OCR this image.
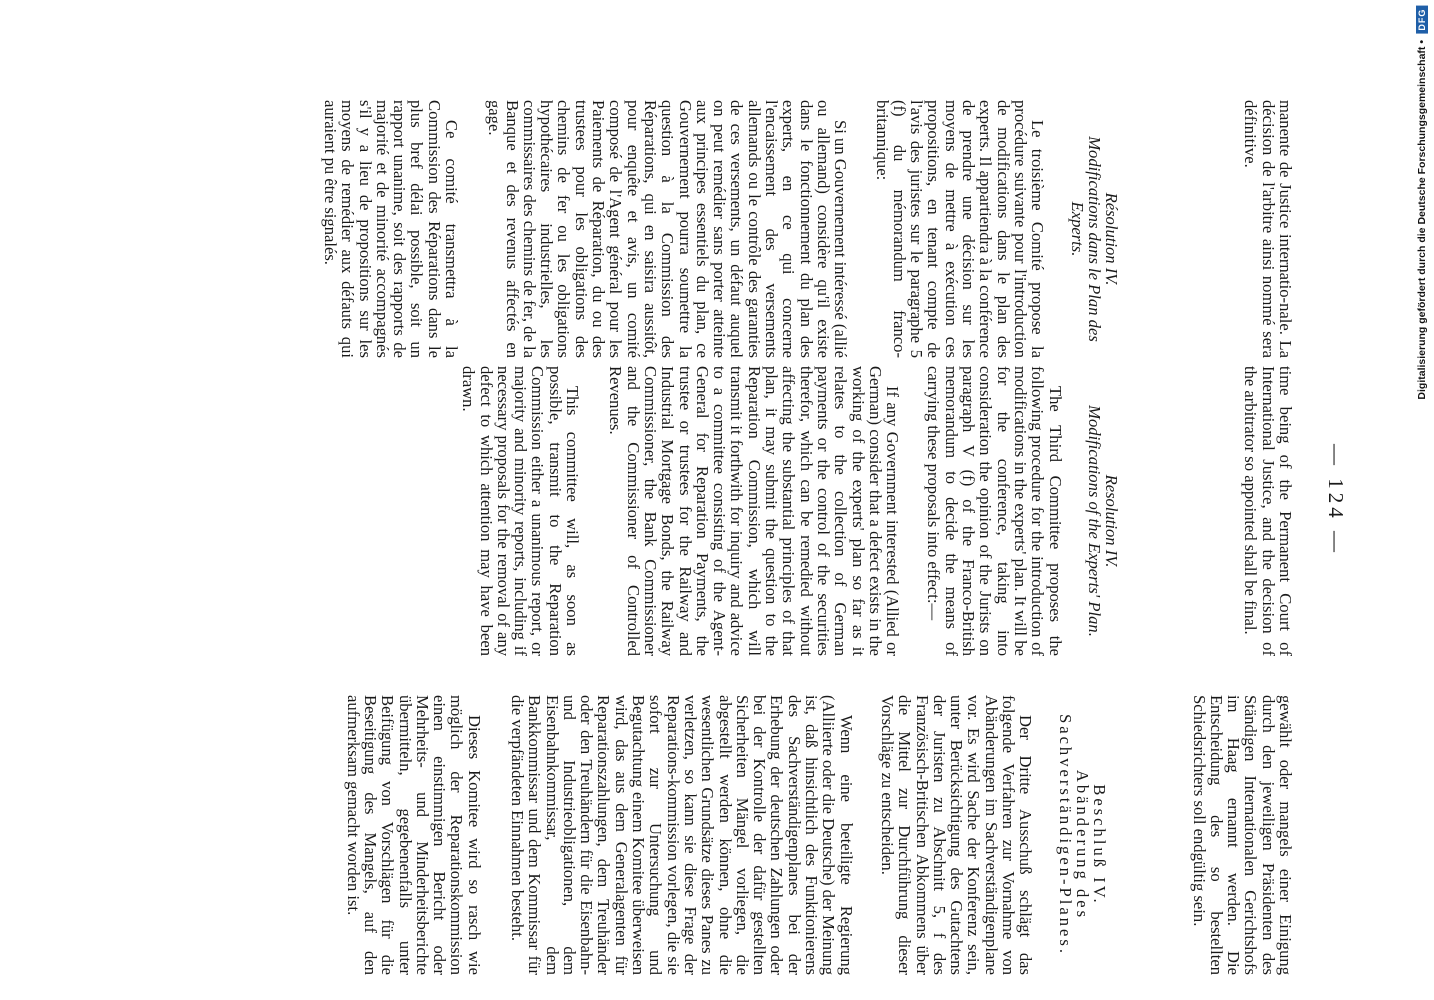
— 124 —

manente de Justice internatio-nale. La décision de l'arbitre ainsi nommé sera définitive.

Résolution IV.

Modifications dans le Plan des Experts.

Le troisième Comité propose la procédure suivante pour l'introduction de modifications dans le plan des experts. Il appartiendra à la conférence de prendre une décision sur les moyens de mettre à exécution ces propositions, en tenant compte de l'avis des juristes sur le paragraphe 5 (f) du mémorandum franco-britannique:

Si un Gouvernement intéressé (allié ou allemand) considère qu'il existe dans le fonctionnement du plan des experts, en ce qui concerne l'encaissement des versements allemands ou le contrôle des garanties de ces versements, un défaut auquel on peut remédier sans porter atteinte aux principes essentiels du plan, ce Gouvernement pourra soumettre la question à la Commission des Réparations, qui en saisira aussitôt, pour enquête et avis, un comité composé de l'Agent général pour les Paiements de Réparation, du ou des trustees pour les obligations des chemins de fer ou les obligations hypothécaires industrielles, les commissaires des chemins de fer, de la Banque et des revenus affectés en gage.

Ce comité transmettra à la Commission des Réparations dans le plus bref délai possible, soit un rapport unanime, soit des rapports de majorité et de minorité accompagnés s'il y a lieu de propositions sur les moyens de remédier aux défauts qui auraient pu être signalés.

time being of the Permanent Court of International Justice, and the decision of the arbitrator so appointed shall be final.

Resolution IV.

Modifications of the Experts' Plan.

The Third Committee proposes the following procedure for the introduction of modifications in the experts' plan. It will be for the conference, taking into consideration the opinion of the Jurists on paragraph V (f) of the Franco-British memorandum to decide the means of carrying these proposals into effect:—

If any Government interested (Allied or German) consider that a defect exists in the working of the experts' plan so far as it relates to the collection of German payments or the control of the securities therefor, which can be remedied without affecting the substantial principles of that plan, it may submit the question to the Reparation Commission, which will transmit it forthwith for inquiry and advice to a committee consisting of the Agent-General for Reparation Payments, the trustee or trustees for the Railway and Industrial Mortgage Bonds, the Railway Commissioner, the Bank Commissioner and the Commissioner of Controlled Revenues.

This committee will, as soon as possible, transmit to the Reparation Commission either a unanimous report, or majority and minority reports, including if necessary proposals for the removal of any defect to which attention may have been drawn.

gewählt oder mangels einer Einigung durch den jeweiligen Präsidenten des Ständigen Internationalen Gerichtshofs im Haag ernannt werden. Die Entscheidung des so bestellten Schiedsrichters soll endgültig sein.

Beschluß IV.

Abänderung des Sachverständigen-Planes.

Der Dritte Ausschuß schlägt das folgende Verfahren zur Vornahme von Abänderungen im Sachverständigenplane vor. Es wird Sache der Konferenz sein, unter Berücksichtigung des Gutachtens der Juristen zu Abschnitt 5, f des Französisch-Britischen Abkommens über die Mittel zur Durchführung dieser Vorschläge zu entscheiden.

Wenn eine beteiligte Regierung (Alliierte oder die Deutsche) der Meinung ist, daß hinsichtlich des Funktionierens des Sachverständigenplanes bei der Erhebung der deutschen Zahlungen oder bei der Kontrolle der dafür gestellten Sicherheiten Mängel vorliegen, die abgestellt werden können, ohne die wesentlichen Grundsätze dieses Panes zu verletzen, so kann sie diese Frage der Reparations-kommission vorlegen, die sie sofort zur Untersuchung und Begutachtung einem Komitee überweisen wird, das aus dem Generalagenten für Reparationszahlungen, dem Treuhänder oder den Treuhändern für die Eisenbahn- und Industrieobligationen, dem Eisenbahnkommissar, dem Bankkommissar und dem Kommissar für die verpfändeten Einnahmen besteht.

Dieses Komitee wird so rasch wie möglich der Reparationskommission einen einstimmigen Bericht oder Mehrheits- und Minderheitsberichte übermitteln, gegebenenfalls unter Beifügung von Vorschlägen für die Beseitigung des Mangels, auf den aufmerksam gemacht worden ist.

Digitalisierung gefördert durch die Deutsche Forschungsgemeinschaft •
DFG
